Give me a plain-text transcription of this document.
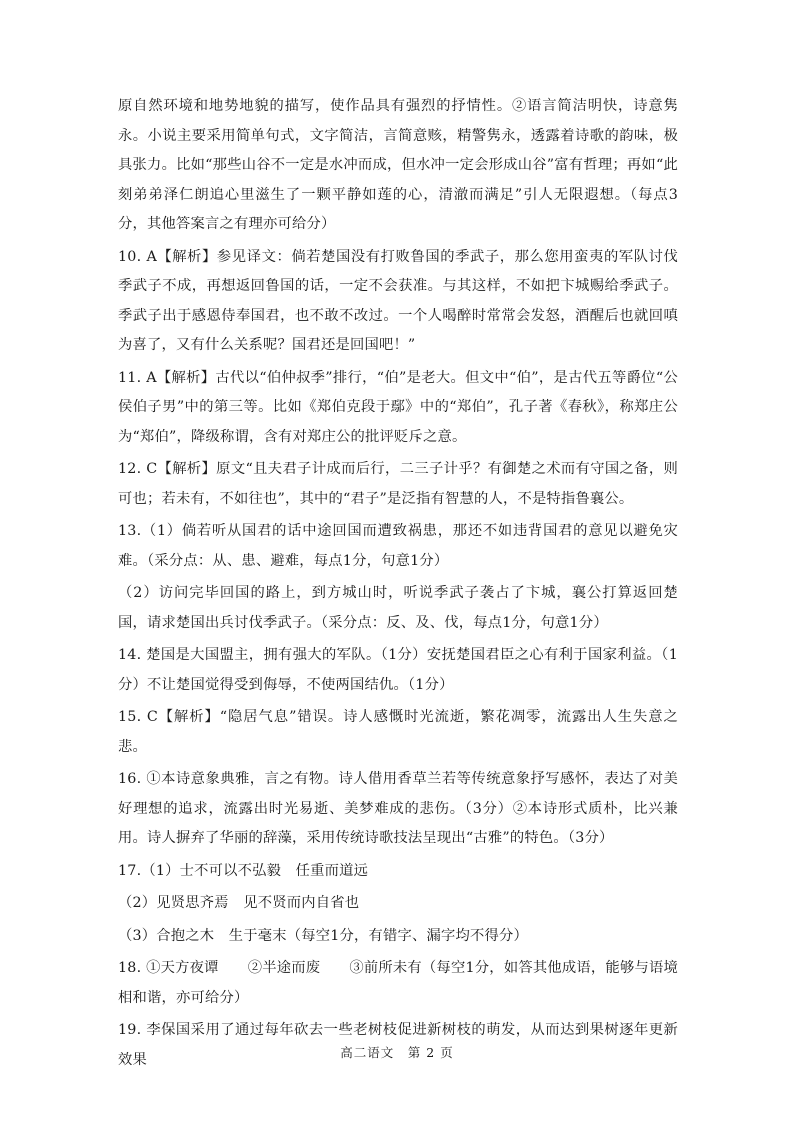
原自然环境和地势地貌的描写，使作品具有强烈的抒情性。②语言简洁明快，诗意隽永。小说主要采用简单句式，文字简洁，言简意赅，精警隽永，透露着诗歌的韵味，极具张力。比如“那些山谷不一定是水冲而成，但水冲一定会形成山谷”富有哲理；再如“此刻弟弟泽仁朗追心里滋生了一颗平静如莲的心，清澈而满足”引人无限遐想。（每点3分，其他答案言之有理亦可给分）

10. A【解析】参见译文：倘若楚国没有打败鲁国的季武子，那么您用蛮夷的军队讨伐季武子不成，再想返回鲁国的话，一定不会获准。与其这样，不如把卞城赐给季武子。季武子出于感恩侍奉国君，也不敢不改过。一个人喝醉时常常会发怒，酒醒后也就回嗔为喜了，又有什么关系呢？国君还是回国吧！”

11. A【解析】古代以“伯仲叔季”排行，“伯”是老大。但文中“伯”，是古代五等爵位“公侯伯子男”中的第三等。比如《郑伯克段于鄢》中的“郑伯”，孔子著《春秋》，称郑庄公为“郑伯”，降级称谓，含有对郑庄公的批评贬斥之意。

12. C【解析】原文“且夫君子计成而后行，二三子计乎？有御楚之术而有守国之备，则可也；若未有，不如往也”，其中的“君子”是泛指有智慧的人，不是特指鲁襄公。

13.（1）倘若听从国君的话中途回国而遭致祸患，那还不如违背国君的意见以避免灾难。（采分点：从、患、避难，每点1分，句意1分）

（2）访问完毕回国的路上，到方城山时，听说季武子袭占了卞城，襄公打算返回楚国，请求楚国出兵讨伐季武子。（采分点：反、及、伐，每点1分，句意1分）

14. 楚国是大国盟主，拥有强大的军队。（1分）安抚楚国君臣之心有利于国家利益。（1分）不让楚国觉得受到侮辱，不使两国结仇。（1分）

15. C【解析】“隐居气息”错误。诗人感慨时光流逝，繁花凋零，流露出人生失意之悲。

16. ①本诗意象典雅，言之有物。诗人借用香草兰若等传统意象抒写感怀，表达了对美好理想的追求，流露出时光易逝、美梦难成的悲伤。（3分）②本诗形式质朴，比兴兼用。诗人摒弃了华丽的辞藻，采用传统诗歌技法呈现出“古雅”的特色。（3分）

17.（1）士不可以不弘毅　任重而道远

（2）见贤思齐焉　见不贤而内自省也

（3）合抱之木　生于毫末（每空1分，有错字、漏字均不得分）

18. ①天方夜谭　　②半途而废　　③前所未有（每空1分，如答其他成语，能够与语境相和谐，亦可给分）

19. 李保国采用了通过每年砍去一些老树枝促进新树枝的萌发，从而达到果树逐年更新效果	高二语文　第 2 页
